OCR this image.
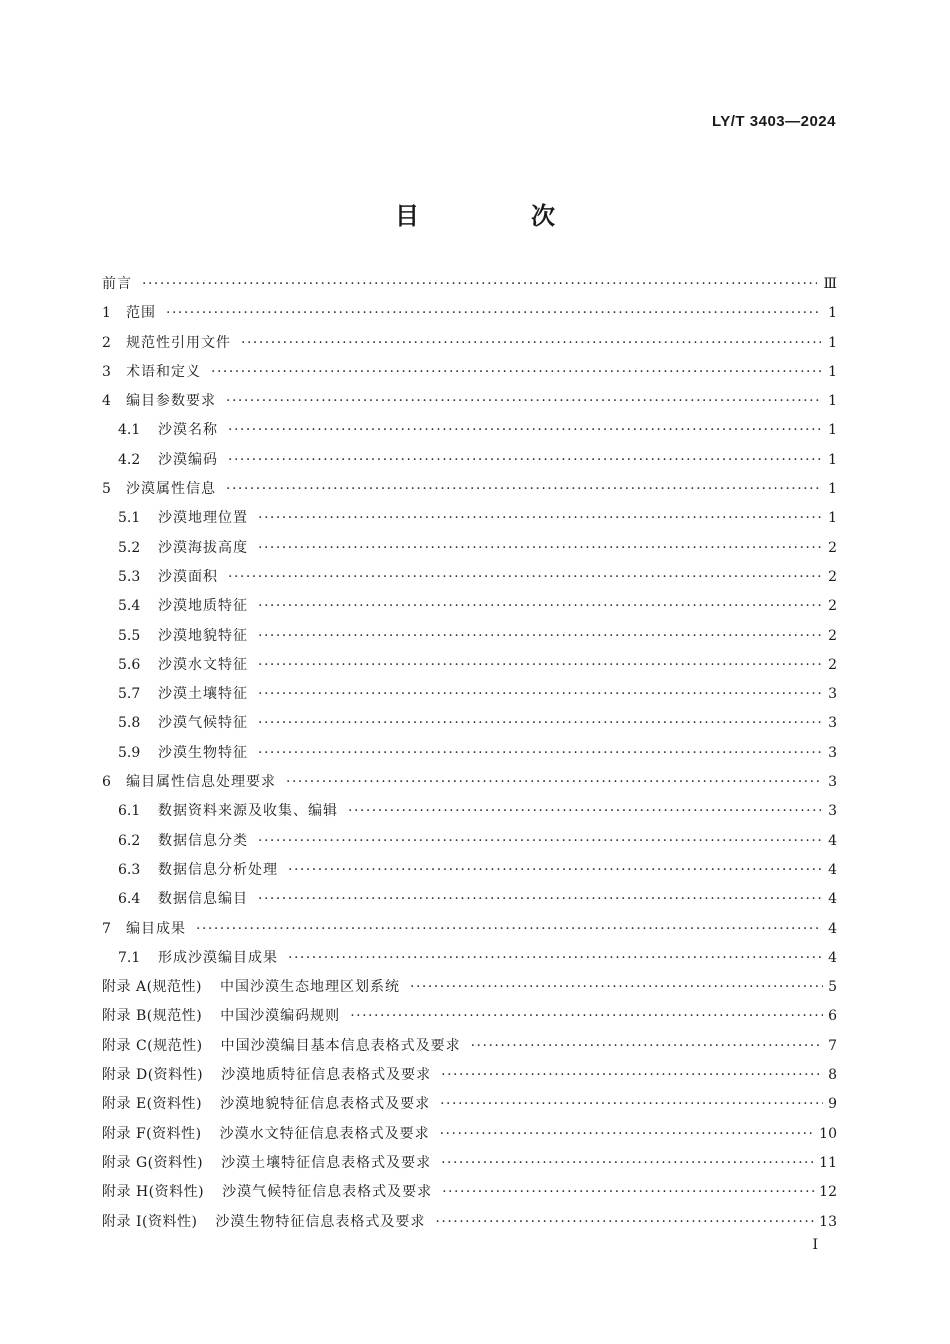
LY/T 3403—2024
目　次
前言 ·····	Ⅲ
1	范围 ·····	1
2	规范性引用文件 ·····	1
3	术语和定义 ·····	1
4	编目参数要求 ·····	1
4.1	沙漠名称 ·····	1
4.2	沙漠编码 ·····	1
5	沙漠属性信息 ·····	1
5.1	沙漠地理位置 ·····	1
5.2	沙漠海拔高度 ·····	2
5.3	沙漠面积 ·····	2
5.4	沙漠地质特征 ·····	2
5.5	沙漠地貌特征 ·····	2
5.6	沙漠水文特征 ·····	2
5.7	沙漠土壤特征 ·····	3
5.8	沙漠气候特征 ·····	3
5.9	沙漠生物特征 ·····	3
6	编目属性信息处理要求 ·····	3
6.1	数据资料来源及收集、编辑 ·····	3
6.2	数据信息分类 ·····	4
6.3	数据信息分析处理 ·····	4
6.4	数据信息编目 ·····	4
7	编目成果 ·····	4
7.1	形成沙漠编目成果 ·····	4
附录 A (规范性) 中国沙漠生态地理区划系统 ·····	5
附录 B (规范性) 中国沙漠编码规则 ·····	6
附录 C (规范性) 中国沙漠编目基本信息表格式及要求 ·····	7
附录 D (资料性) 沙漠地质特征信息表格式及要求 ·····	8
附录 E (资料性) 沙漠地貌特征信息表格式及要求 ·····	9
附录 F (资料性) 沙漠水文特征信息表格式及要求 ·····	10
附录 G (资料性) 沙漠土壤特征信息表格式及要求 ·····	11
附录 H (资料性) 沙漠气候特征信息表格式及要求 ·····	12
附录 I (资料性) 沙漠生物特征信息表格式及要求 ·····	13
Ⅰ
